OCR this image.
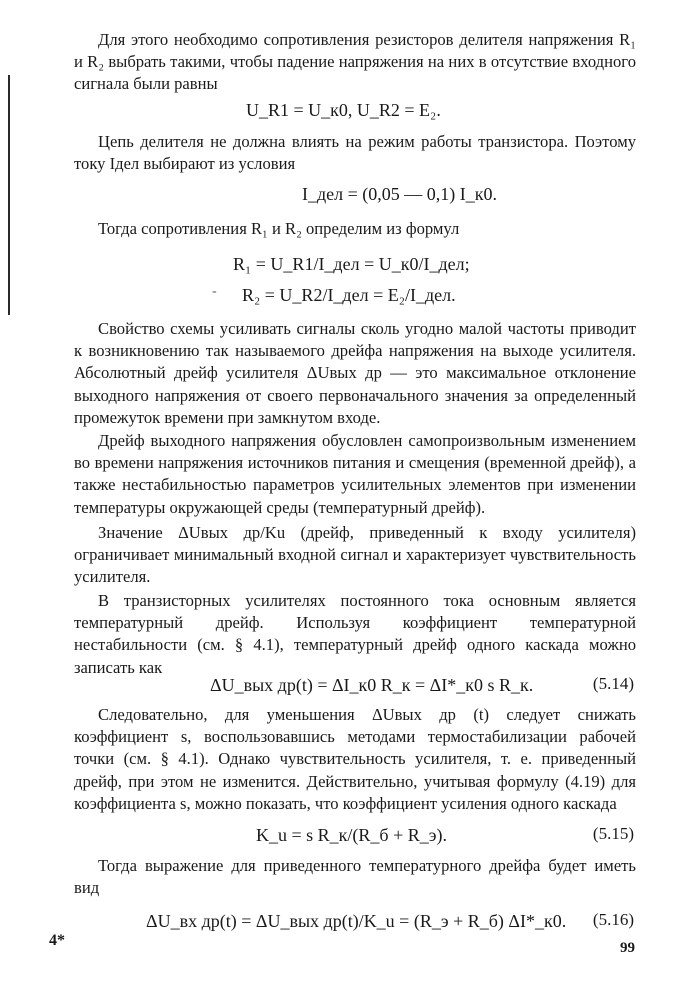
Для этого необходимо сопротивления резисторов делителя напряжения R₁ и R₂ выбрать такими, чтобы падение напряжения на них в отсутствие входного сигнала были равны
U_R1 = U_к0, U_R2 = E₂.
Цепь делителя не должна влиять на режим работы транзистора. Поэтому току Iдел выбирают из условия
I_дел = (0,05 — 0,1) I_к0.
Тогда сопротивления R₁ и R₂ определим из формул
R₁ = U_R1/I_дел = U_к0/I_дел;
R₂ = U_R2/I_дел = E₂/I_дел.
-
Свойство схемы усиливать сигналы сколь угодно малой частоты приводит к возникновению так называемого дрейфа напряжения на выходе усилителя. Абсолютный дрейф усилителя ΔUвых др — это максимальное отклонение выходного напряжения от своего первоначального значения за определенный промежуток времени при замкнутом входе.
Дрейф выходного напряжения обусловлен самопроизвольным изменением во времени напряжения источников питания и смещения (временной дрейф), а также нестабильностью параметров усилительных элементов при изменении температуры окружающей среды (температурный дрейф).
Значение ΔUвых др/Ku (дрейф, приведенный к входу усилителя) ограничивает минимальный входной сигнал и характеризует чувствительность усилителя.
В транзисторных усилителях постоянного тока основным является температурный дрейф. Используя коэффициент температурной нестабильности (см. § 4.1), температурный дрейф одного каскада можно записать как
ΔU_вых др(t) = ΔI_к0 R_к = ΔI*_к0 s R_к.	(5.14)
Следовательно, для уменьшения ΔUвых др (t) следует снижать коэффициент s, воспользовавшись методами термостабилизации рабочей точки (см. § 4.1). Однако чувствительность усилителя, т. е. приведенный дрейф, при этом не изменится. Действительно, учитывая формулу (4.19) для коэффициента s, можно показать, что коэффициент усиления одного каскада
K_u = s R_к/(R_б + R_э).	(5.15)
Тогда выражение для приведенного температурного дрейфа будет иметь вид
ΔU_вх др(t) = ΔU_вых др(t)/K_u = (R_э + R_б) ΔI*_к0. (5.16)
4*	99
